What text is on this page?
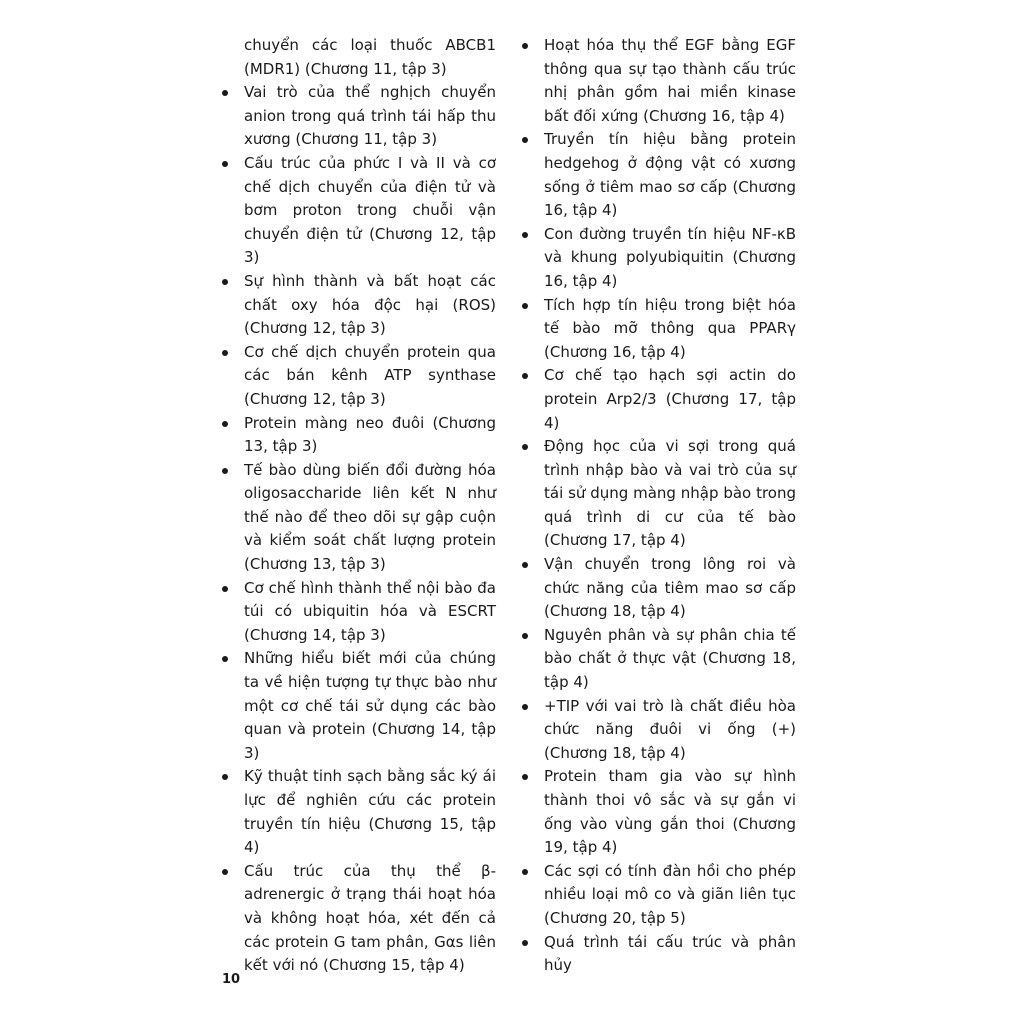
chuyển các loại thuốc ABCB1 (MDR1) (Chương 11, tập 3)

Vai trò của thể nghịch chuyển anion trong quá trình tái hấp thu xương (Chương 11, tập 3)
Cấu trúc của phức I và II và cơ chế dịch chuyển của điện tử và bơm proton trong chuỗi vận chuyển điện tử (Chương 12, tập 3)
Sự hình thành và bất hoạt các chất oxy hóa độc hại (ROS) (Chương 12, tập 3)
Cơ chế dịch chuyển protein qua các bán kênh ATP synthase (Chương 12, tập 3)
Protein màng neo đuôi (Chương 13, tập 3)
Tế bào dùng biến đổi đường hóa oligosaccharide liên kết N như thế nào để theo dõi sự gập cuộn và kiểm soát chất lượng protein (Chương 13, tập 3)
Cơ chế hình thành thể nội bào đa túi có ubiquitin hóa và ESCRT (Chương 14, tập 3)
Những hiểu biết mới của chúng ta về hiện tượng tự thực bào như một cơ chế tái sử dụng các bào quan và protein (Chương 14, tập 3)
Kỹ thuật tinh sạch bằng sắc ký ái lực để nghiên cứu các protein truyền tín hiệu (Chương 15, tập 4)
Cấu trúc của thụ thể β-adrenergic ở trạng thái hoạt hóa và không hoạt hóa, xét đến cả các protein G tam phân, Gαs liên kết với nó (Chương 15, tập 4)
Hoạt hóa thụ thể EGF bằng EGF thông qua sự tạo thành cấu trúc nhị phân gồm hai miền kinase bất đối xứng (Chương 16, tập 4)
Truyền tín hiệu bằng protein hedgehog ở động vật có xương sống ở tiêm mao sơ cấp (Chương 16, tập 4)
Con đường truyền tín hiệu NF-κB và khung polyubiquitin (Chương 16, tập 4)
Tích hợp tín hiệu trong biệt hóa tế bào mỡ thông qua PPARγ (Chương 16, tập 4)
Cơ chế tạo hạch sợi actin do protein Arp2/3 (Chương 17, tập 4)
Động học của vi sợi trong quá trình nhập bào và vai trò của sự tái sử dụng màng nhập bào trong quá trình di cư của tế bào (Chương 17, tập 4)
Vận chuyển trong lông roi và chức năng của tiêm mao sơ cấp (Chương 18, tập 4)
Nguyên phân và sự phân chia tế bào chất ở thực vật (Chương 18, tập 4)
+TIP với vai trò là chất điều hòa chức năng đuôi vi ống (+) (Chương 18, tập 4)
Protein tham gia vào sự hình thành thoi vô sắc và sự gắn vi ống vào vùng gắn thoi (Chương 19, tập 4)
Các sợi có tính đàn hồi cho phép nhiều loại mô co và giãn liên tục (Chương 20, tập 5)
Quá trình tái cấu trúc và phân hủy
10
